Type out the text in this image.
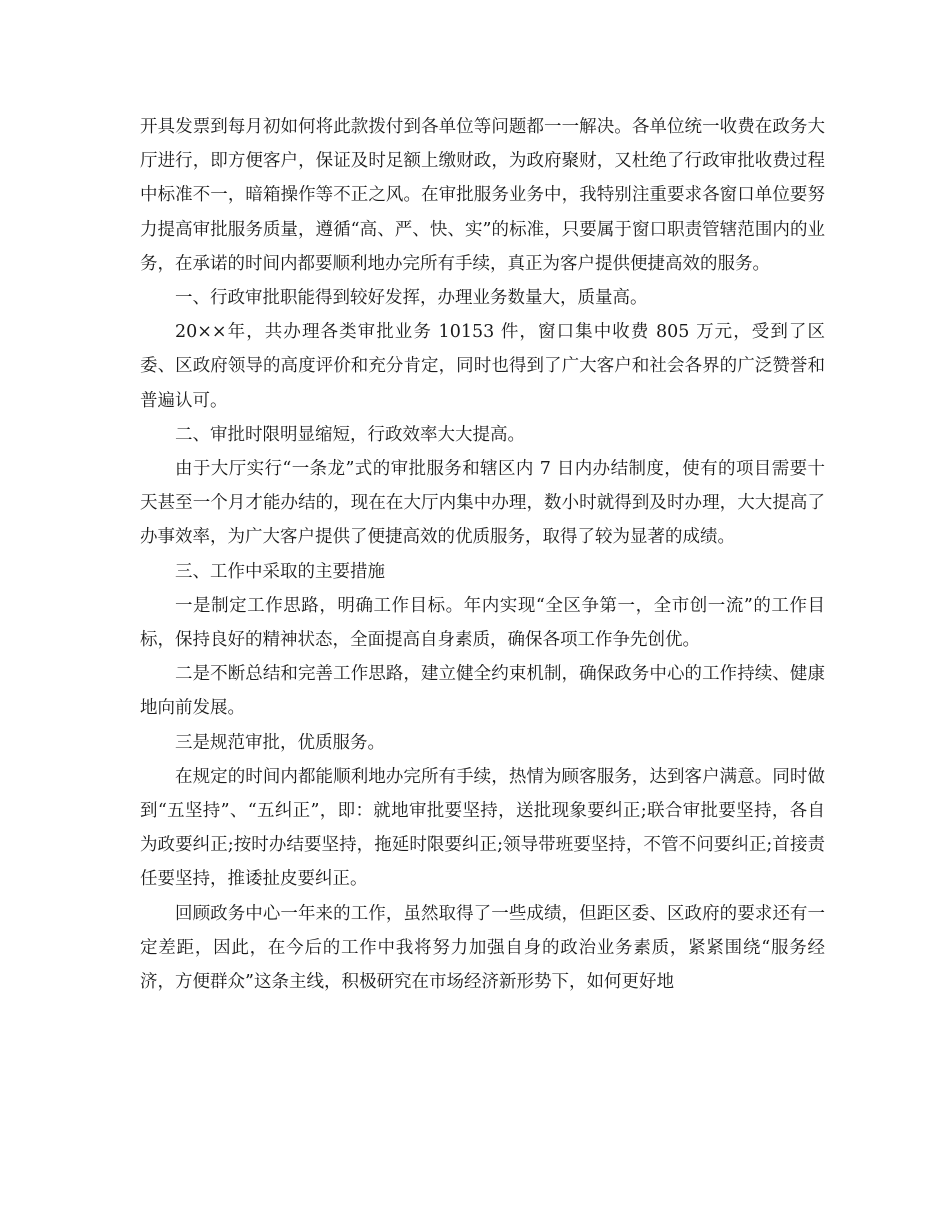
开具发票到每月初如何将此款拨付到各单位等问题都一一解决。各单位统一收费在政务大厅进行，即方便客户，保证及时足额上缴财政，为政府聚财，又杜绝了行政审批收费过程中标准不一，暗箱操作等不正之风。在审批服务业务中，我特别注重要求各窗口单位要努力提高审批服务质量，遵循“高、严、快、实”的标准，只要属于窗口职责管辖范围内的业务，在承诺的时间内都要顺利地办完所有手续，真正为客户提供便捷高效的服务。

一、行政审批职能得到较好发挥，办理业务数量大，质量高。

20××年，共办理各类审批业务 10153 件，窗口集中收费 805 万元，受到了区委、区政府领导的高度评价和充分肯定，同时也得到了广大客户和社会各界的广泛赞誉和普遍认可。

二、审批时限明显缩短，行政效率大大提高。

由于大厅实行“一条龙”式的审批服务和辖区内 7 日内办结制度，使有的项目需要十天甚至一个月才能办结的，现在在大厅内集中办理，数小时就得到及时办理，大大提高了办事效率，为广大客户提供了便捷高效的优质服务，取得了较为显著的成绩。

三、工作中采取的主要措施

一是制定工作思路，明确工作目标。年内实现“全区争第一，全市创一流”的工作目标，保持良好的精神状态，全面提高自身素质，确保各项工作争先创优。

二是不断总结和完善工作思路，建立健全约束机制，确保政务中心的工作持续、健康地向前发展。

三是规范审批，优质服务。

在规定的时间内都能顺利地办完所有手续，热情为顾客服务，达到客户满意。同时做到“五坚持”、“五纠正”，即：就地审批要坚持，送批现象要纠正;联合审批要坚持，各自为政要纠正;按时办结要坚持，拖延时限要纠正;领导带班要坚持，不管不问要纠正;首接责任要坚持，推诿扯皮要纠正。

回顾政务中心一年来的工作，虽然取得了一些成绩，但距区委、区政府的要求还有一定差距，因此，在今后的工作中我将努力加强自身的政治业务素质，紧紧围绕“服务经济，方便群众”这条主线，积极研究在市场经济新形势下，如何更好地
